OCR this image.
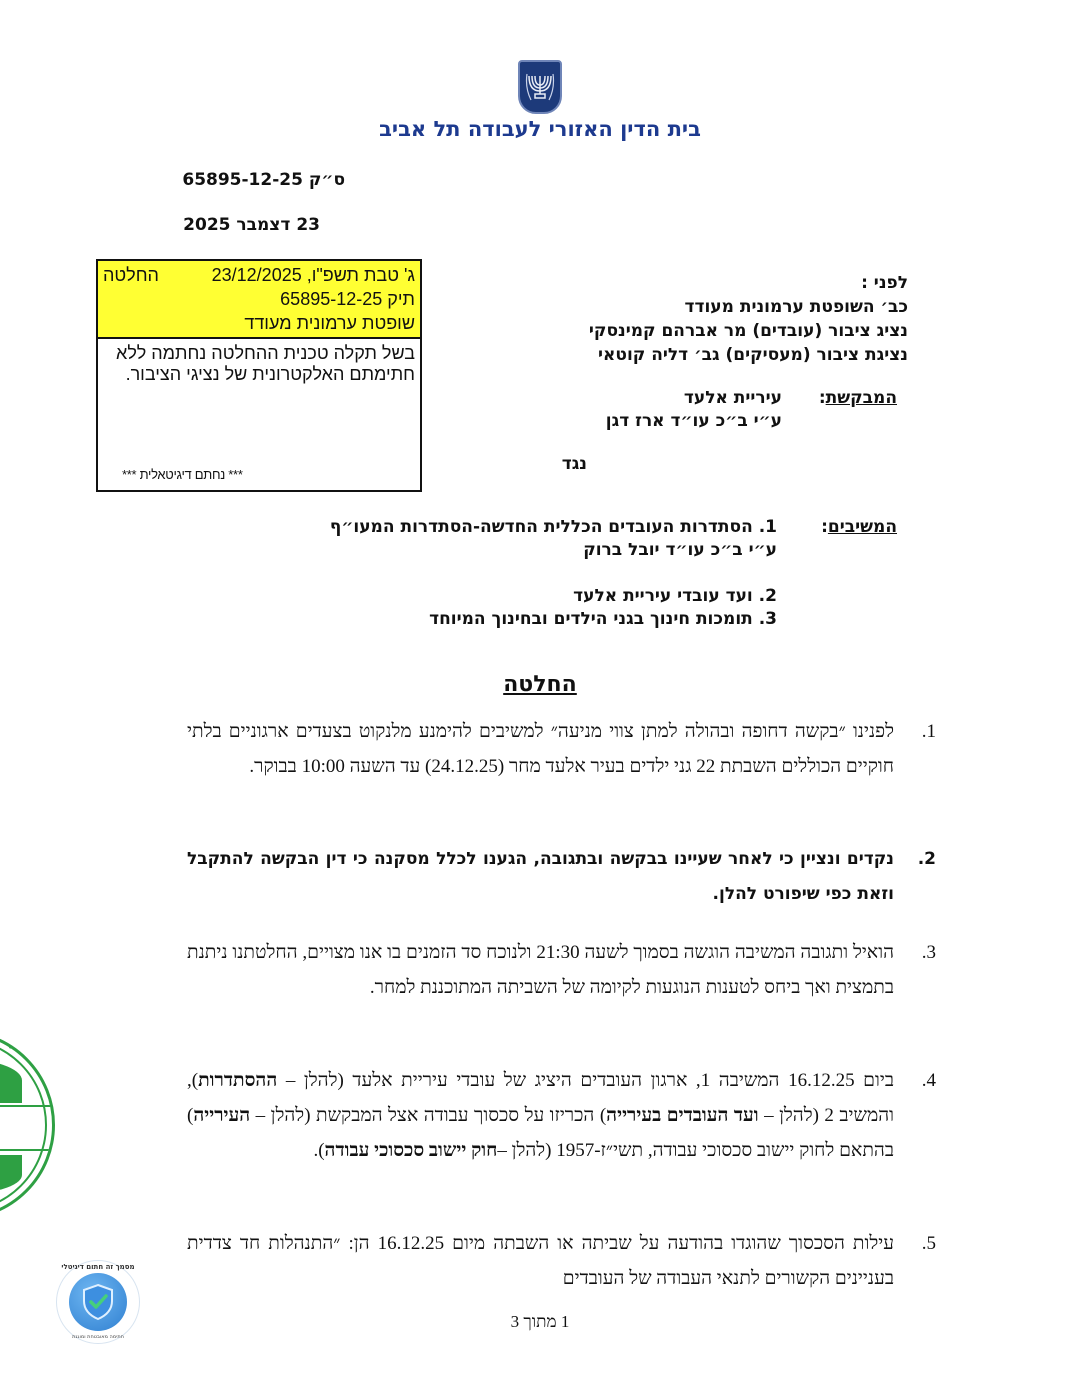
בית הדין האזורי לעבודה תל אביב
ס״ק 65895-12-25
23 דצמבר 2025
ג' טבת תשפ"ו, 23/12/2025
החלטה
תיק 65895-12-25
שופטת ערמונית מעודד
בשל תקלה טכנית ההחלטה נחתמה ללא חתימתם האלקטרונית של נציגי הציבור.
*** נחתם דיגיטאלית ***
לפני :
כב׳ השופטת ערמונית מעודד
נציג ציבור (עובדים) מר אברהם קמינסקי
נציגת ציבור (מעסיקים) גב׳ דליה קוטאי
המבקשת:
עיריית אלעד
ע״י ב״כ עו״ד ארז דגן
נגד
המשיבים:
1. הסתדרות העובדים הכללית החדשה-הסתדרות המעו״ף
ע״י ב״כ עו״ד יובל ברוק
2. ועד עובדי עיריית אלעד
3. תומכות חינוך בגני הילדים ובחינוך המיוחד
החלטה
1.
לפנינו ״בקשה דחופה ובהולה למתן צווי מניעה״ למשיבים להימנע מלנקוט בצעדים ארגוניים בלתי חוקיים הכוללים השבתת 22 גני ילדים בעיר אלעד מחר (24.12.25) עד השעה 10:00 בבוקר.
2.
נקדים ונציין כי לאחר שעיינו בבקשה ובתגובה, הגענו לכלל מסקנה כי דין הבקשה להתקבל וזאת כפי שיפורט להלן.
3.
הואיל ותגובה המשיבה הוגשה בסמוך לשעה 21:30 ולנוכח סד הזמנים בו אנו מצויים, החלטתנו ניתנת בתמצית ואך ביחס לטענות הנוגעות לקיומה של השביתה המתוכננת למחר.
4.
ביום 16.12.25 המשיבה 1, ארגון העובדים היציג של עובדי עיריית אלעד (להלן – ההסתדרות), והמשיב 2 (להלן – ועד העובדים בעירייה) הכריזו על סכסוך עבודה אצל המבקשת (להלן – העירייה) בהתאם לחוק יישוב סכסוכי עבודה, תשי״ז-1957 (להלן –חוק יישוב סכסוכי עבודה).
5.
עילות הסכסוך שהוגדו בהודעה על שביתה או השבתה מיום 16.12.25 הן: ״התנהלות חד צדדית בעניינים הקשורים לתנאי העבודה של העובדים
1 מתוך 3
אזור
מסמך זה חתום דיגיטלי
חתימה מאובטחת ומוגנת
